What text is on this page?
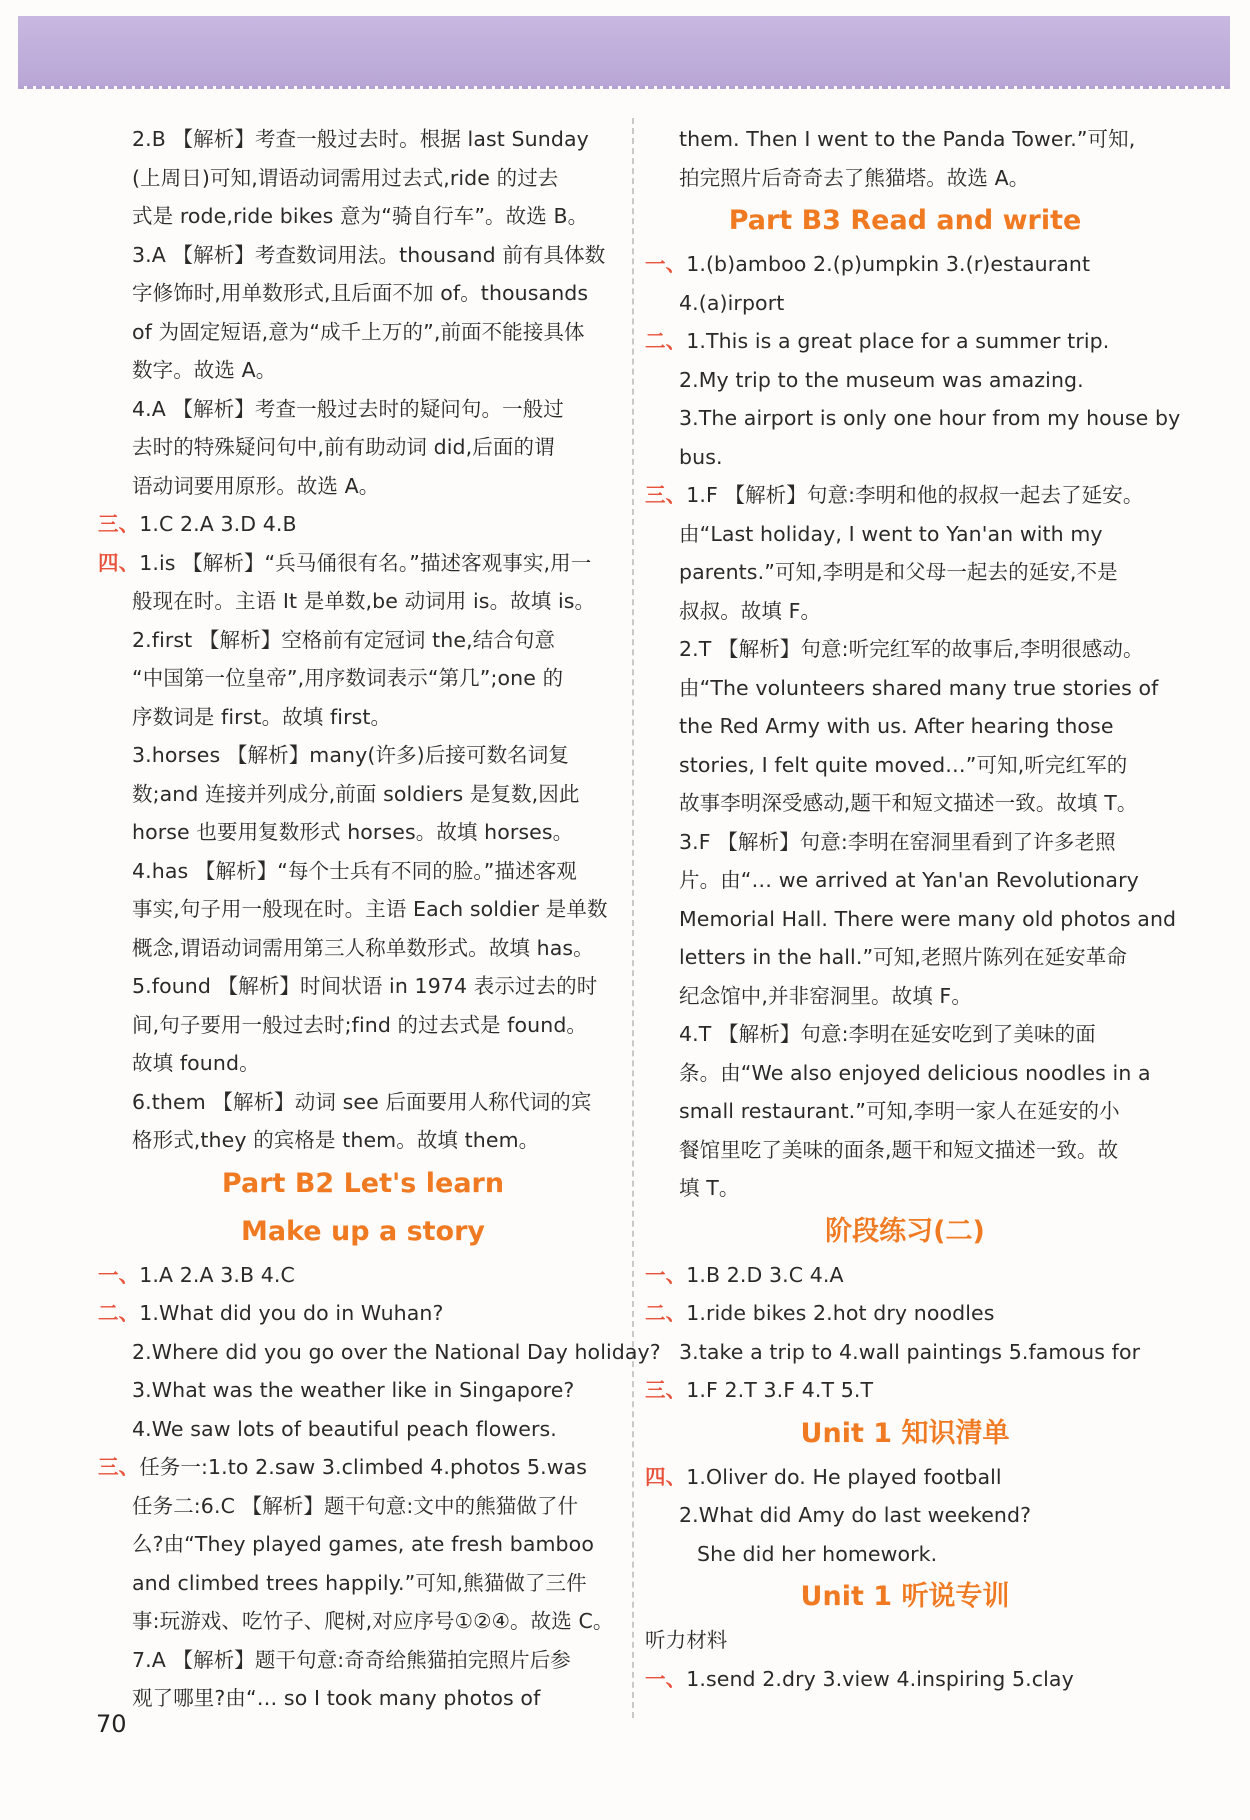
2.B 【解析】考查一般过去时。根据 last Sunday
(上周日)可知,谓语动词需用过去式,ride 的过去
式是 rode,ride bikes 意为“骑自行车”。故选 B。
3.A 【解析】考查数词用法。thousand 前有具体数
字修饰时,用单数形式,且后面不加 of。thousands
of 为固定短语,意为“成千上万的”,前面不能接具体
数字。故选 A。
4.A 【解析】考查一般过去时的疑问句。一般过
去时的特殊疑问句中,前有助动词 did,后面的谓
语动词要用原形。故选 A。
三、1.C 2.A 3.D 4.B
四、1.is 【解析】“兵马俑很有名。”描述客观事实,用一
般现在时。主语 It 是单数,be 动词用 is。故填 is。
2.first 【解析】空格前有定冠词 the,结合句意
“中国第一位皇帝”,用序数词表示“第几”;one 的
序数词是 first。故填 first。
3.horses 【解析】many(许多)后接可数名词复
数;and 连接并列成分,前面 soldiers 是复数,因此
horse 也要用复数形式 horses。故填 horses。
4.has 【解析】“每个士兵有不同的脸。”描述客观
事实,句子用一般现在时。主语 Each soldier 是单数
概念,谓语动词需用第三人称单数形式。故填 has。
5.found 【解析】时间状语 in 1974 表示过去的时
间,句子要用一般过去时;find 的过去式是 found。
故填 found。
6.them 【解析】动词 see 后面要用人称代词的宾
格形式,they 的宾格是 them。故填 them。
Part B2 Let's learn
Make up a story
一、1.A 2.A 3.B 4.C
二、1.What did you do in Wuhan?
2.Where did you go over the National Day holiday?
3.What was the weather like in Singapore?
4.We saw lots of beautiful peach flowers.
三、任务一:1.to 2.saw 3.climbed 4.photos 5.was
任务二:6.C 【解析】题干句意:文中的熊猫做了什
么?由“They played games, ate fresh bamboo
and climbed trees happily.”可知,熊猫做了三件
事:玩游戏、吃竹子、爬树,对应序号①②④。故选 C。
7.A 【解析】题干句意:奇奇给熊猫拍完照片后参
观了哪里?由“… so I took many photos of
them. Then I went to the Panda Tower.”可知,
拍完照片后奇奇去了熊猫塔。故选 A。
Part B3 Read and write
一、1.(b)amboo 2.(p)umpkin 3.(r)estaurant
4.(a)irport
二、1.This is a great place for a summer trip.
2.My trip to the museum was amazing.
3.The airport is only one hour from my house by
bus.
三、1.F 【解析】句意:李明和他的叔叔一起去了延安。
由“Last holiday, I went to Yan'an with my
parents.”可知,李明是和父母一起去的延安,不是
叔叔。故填 F。
2.T 【解析】句意:听完红军的故事后,李明很感动。
由“The volunteers shared many true stories of
the Red Army with us. After hearing those
stories, I felt quite moved…”可知,听完红军的
故事李明深受感动,题干和短文描述一致。故填 T。
3.F 【解析】句意:李明在窑洞里看到了许多老照
片。由“… we arrived at Yan'an Revolutionary
Memorial Hall. There were many old photos and
letters in the hall.”可知,老照片陈列在延安革命
纪念馆中,并非窑洞里。故填 F。
4.T 【解析】句意:李明在延安吃到了美味的面
条。由“We also enjoyed delicious noodles in a
small restaurant.”可知,李明一家人在延安的小
餐馆里吃了美味的面条,题干和短文描述一致。故
填 T。
阶段练习(二)
一、1.B 2.D 3.C 4.A
二、1.ride bikes 2.hot dry noodles
3.take a trip to 4.wall paintings 5.famous for
三、1.F 2.T 3.F 4.T 5.T
Unit 1 知识清单
四、1.Oliver do. He played football
2.What did Amy do last weekend?
She did her homework.
Unit 1 听说专训
听力材料
一、1.send 2.dry 3.view 4.inspiring 5.clay
70
